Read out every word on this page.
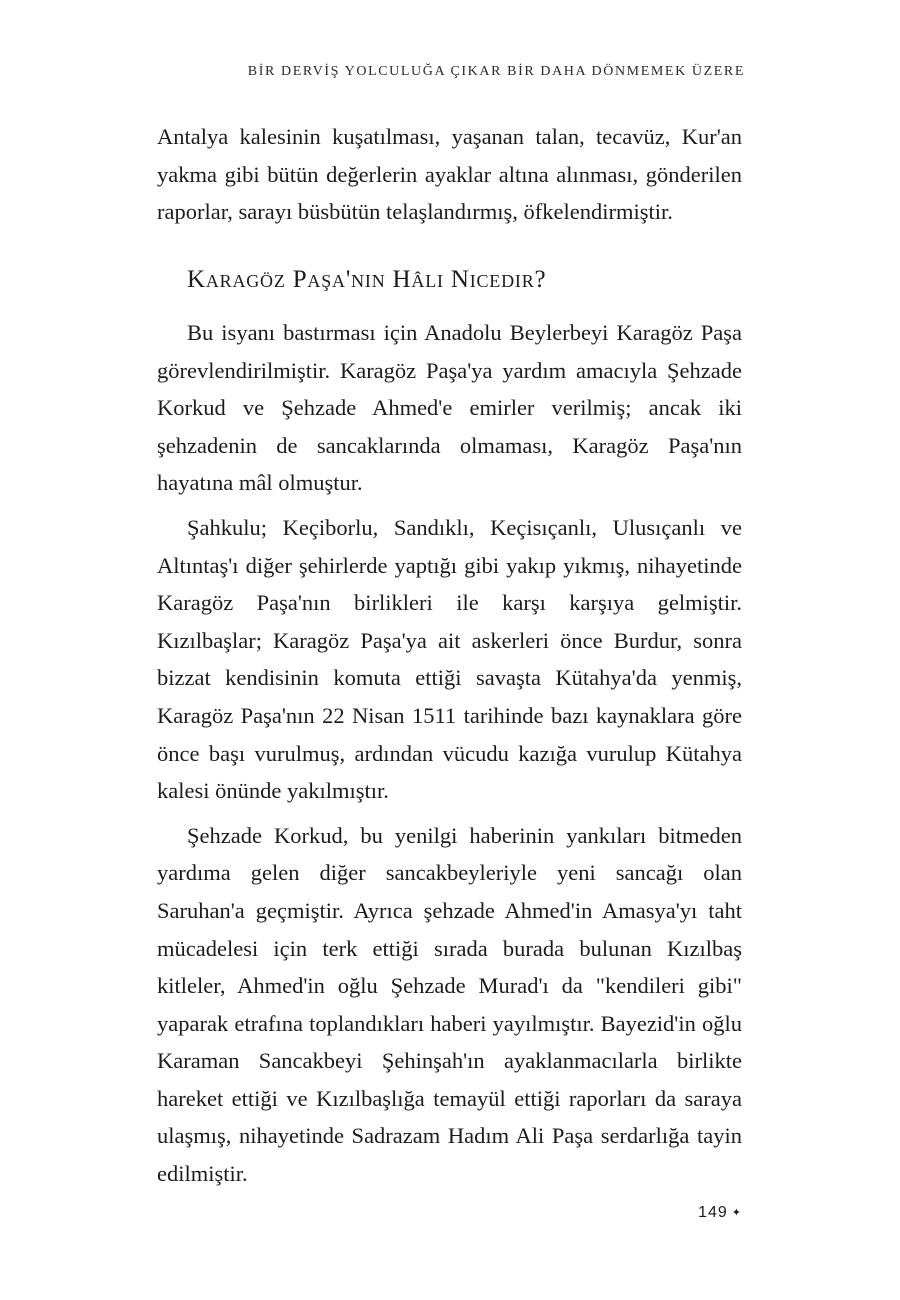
BİR DERVİŞ YOLCULUĞA ÇIKAR BİR DAHA DÖNMEMEK ÜZERE

Antalya kalesinin kuşatılması, yaşanan talan, tecavüz, Kur'an yakma gibi bütün değerlerin ayaklar altına alınması, gönderilen raporlar, sarayı büsbütün telaşlandırmış, öfkelendirmiştir.

Karagöz Paşa'nın Hâli Nicedir?

Bu isyanı bastırması için Anadolu Beylerbeyi Karagöz Paşa görevlendirilmiştir. Karagöz Paşa'ya yardım amacıyla Şehzade Korkud ve Şehzade Ahmed'e emirler verilmiş; ancak iki şehzadenin de sancaklarında olmaması, Karagöz Paşa'nın hayatına mâl olmuştur.

Şahkulu; Keçiborlu, Sandıklı, Keçisıçanlı, Ulusıçanlı ve Altıntaş'ı diğer şehirlerde yaptığı gibi yakıp yıkmış, nihayetinde Karagöz Paşa'nın birlikleri ile karşı karşıya gelmiştir. Kızılbaşlar; Karagöz Paşa'ya ait askerleri önce Burdur, sonra bizzat kendisinin komuta ettiği savaşta Kütahya'da yenmiş, Karagöz Paşa'nın 22 Nisan 1511 tarihinde bazı kaynaklara göre önce başı vurulmuş, ardından vücudu kazığa vurulup Kütahya kalesi önünde yakılmıştır.

Şehzade Korkud, bu yenilgi haberinin yankıları bitmeden yardıma gelen diğer sancakbeyleriyle yeni sancağı olan Saruhan'a geçmiştir. Ayrıca şehzade Ahmed'in Amasya'yı taht mücadelesi için terk ettiği sırada burada bulunan Kızılbaş kitleler, Ahmed'in oğlu Şehzade Murad'ı da "kendileri gibi" yaparak etrafına toplandıkları haberi yayılmıştır. Bayezid'in oğlu Karaman Sancakbeyi Şehinşah'ın ayaklanmacılarla birlikte hareket ettiği ve Kızılbaşlığa temayül ettiği raporları da saraya ulaşmış, nihayetinde Sadrazam Hadım Ali Paşa serdarlığa tayin edilmiştir.

149 ✦
